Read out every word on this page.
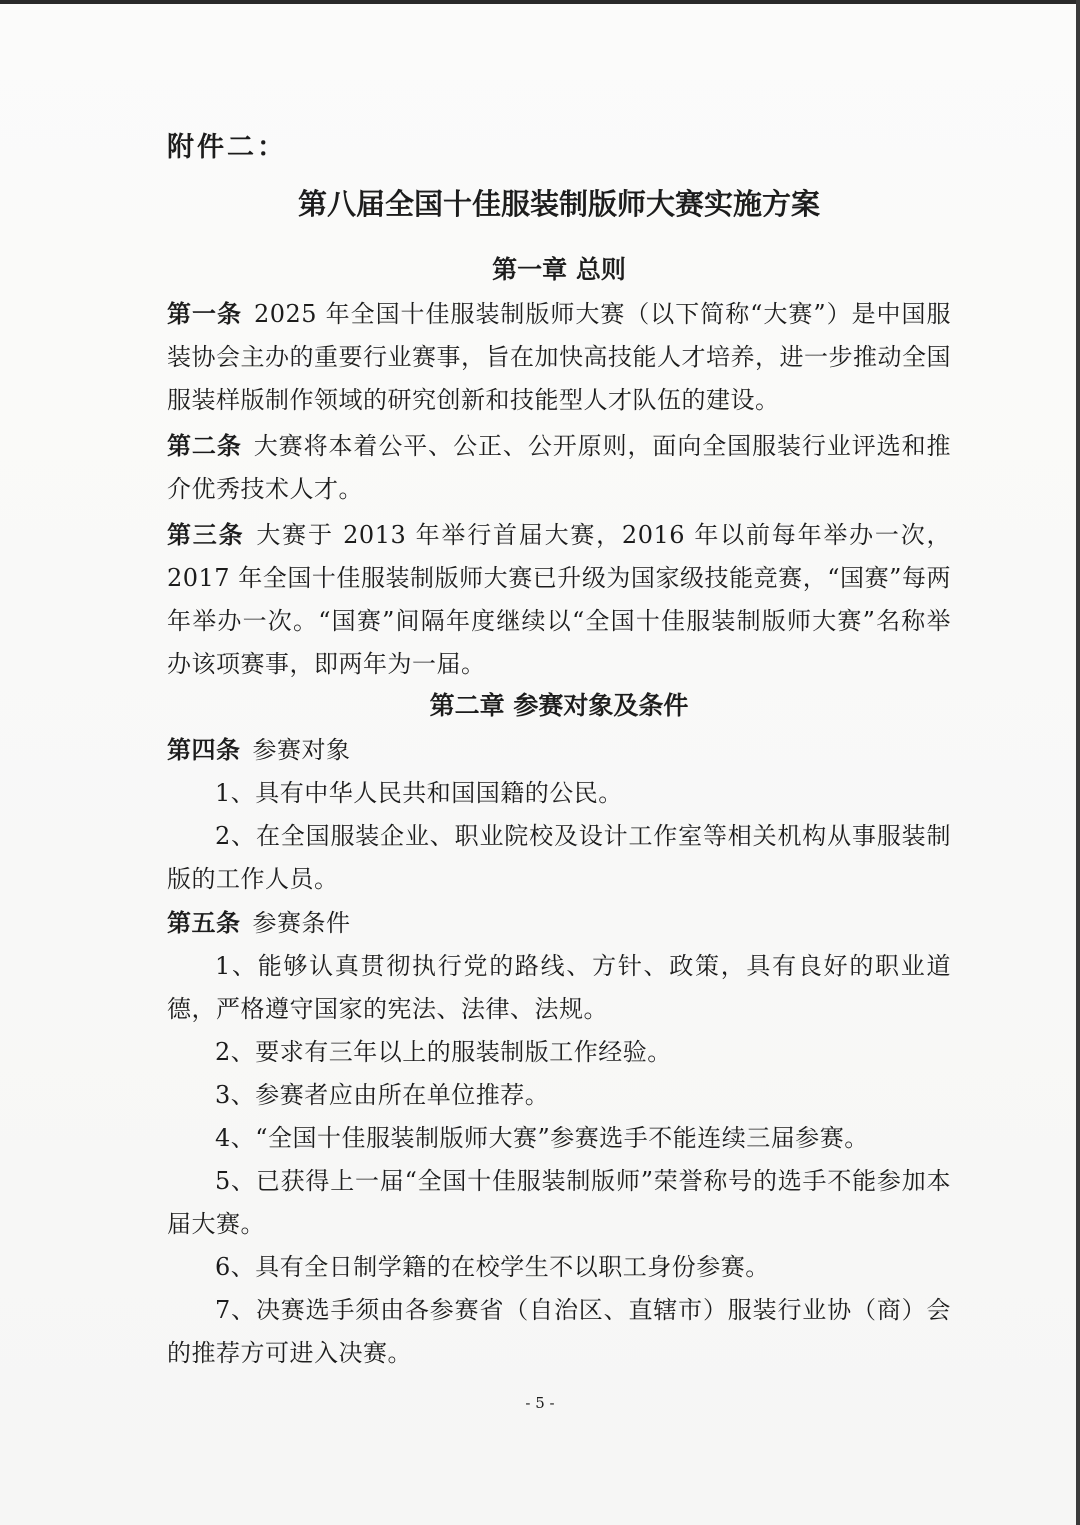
附件二：
第八届全国十佳服装制版师大赛实施方案
第一章 总则

第一条 2025 年全国十佳服装制版师大赛（以下简称“大赛”）是中国服装协会主办的重要行业赛事，旨在加快高技能人才培养，进一步推动全国服装样版制作领域的研究创新和技能型人才队伍的建设。

第二条 大赛将本着公平、公正、公开原则，面向全国服装行业评选和推介优秀技术人才。

第三条 大赛于 2013 年举行首届大赛，2016 年以前每年举办一次，2017 年全国十佳服装制版师大赛已升级为国家级技能竞赛，“国赛”每两年举办一次。“国赛”间隔年度继续以“全国十佳服装制版师大赛”名称举办该项赛事，即两年为一届。

第二章 参赛对象及条件

第四条 参赛对象

1、具有中华人民共和国国籍的公民。

2、在全国服装企业、职业院校及设计工作室等相关机构从事服装制版的工作人员。

第五条 参赛条件

1、能够认真贯彻执行党的路线、方针、政策，具有良好的职业道德，严格遵守国家的宪法、法律、法规。

2、要求有三年以上的服装制版工作经验。

3、参赛者应由所在单位推荐。

4、“全国十佳服装制版师大赛”参赛选手不能连续三届参赛。

5、已获得上一届“全国十佳服装制版师”荣誉称号的选手不能参加本届大赛。

6、具有全日制学籍的在校学生不以职工身份参赛。

7、决赛选手须由各参赛省（自治区、直辖市）服装行业协（商）会的推荐方可进入决赛。

- 5 -
